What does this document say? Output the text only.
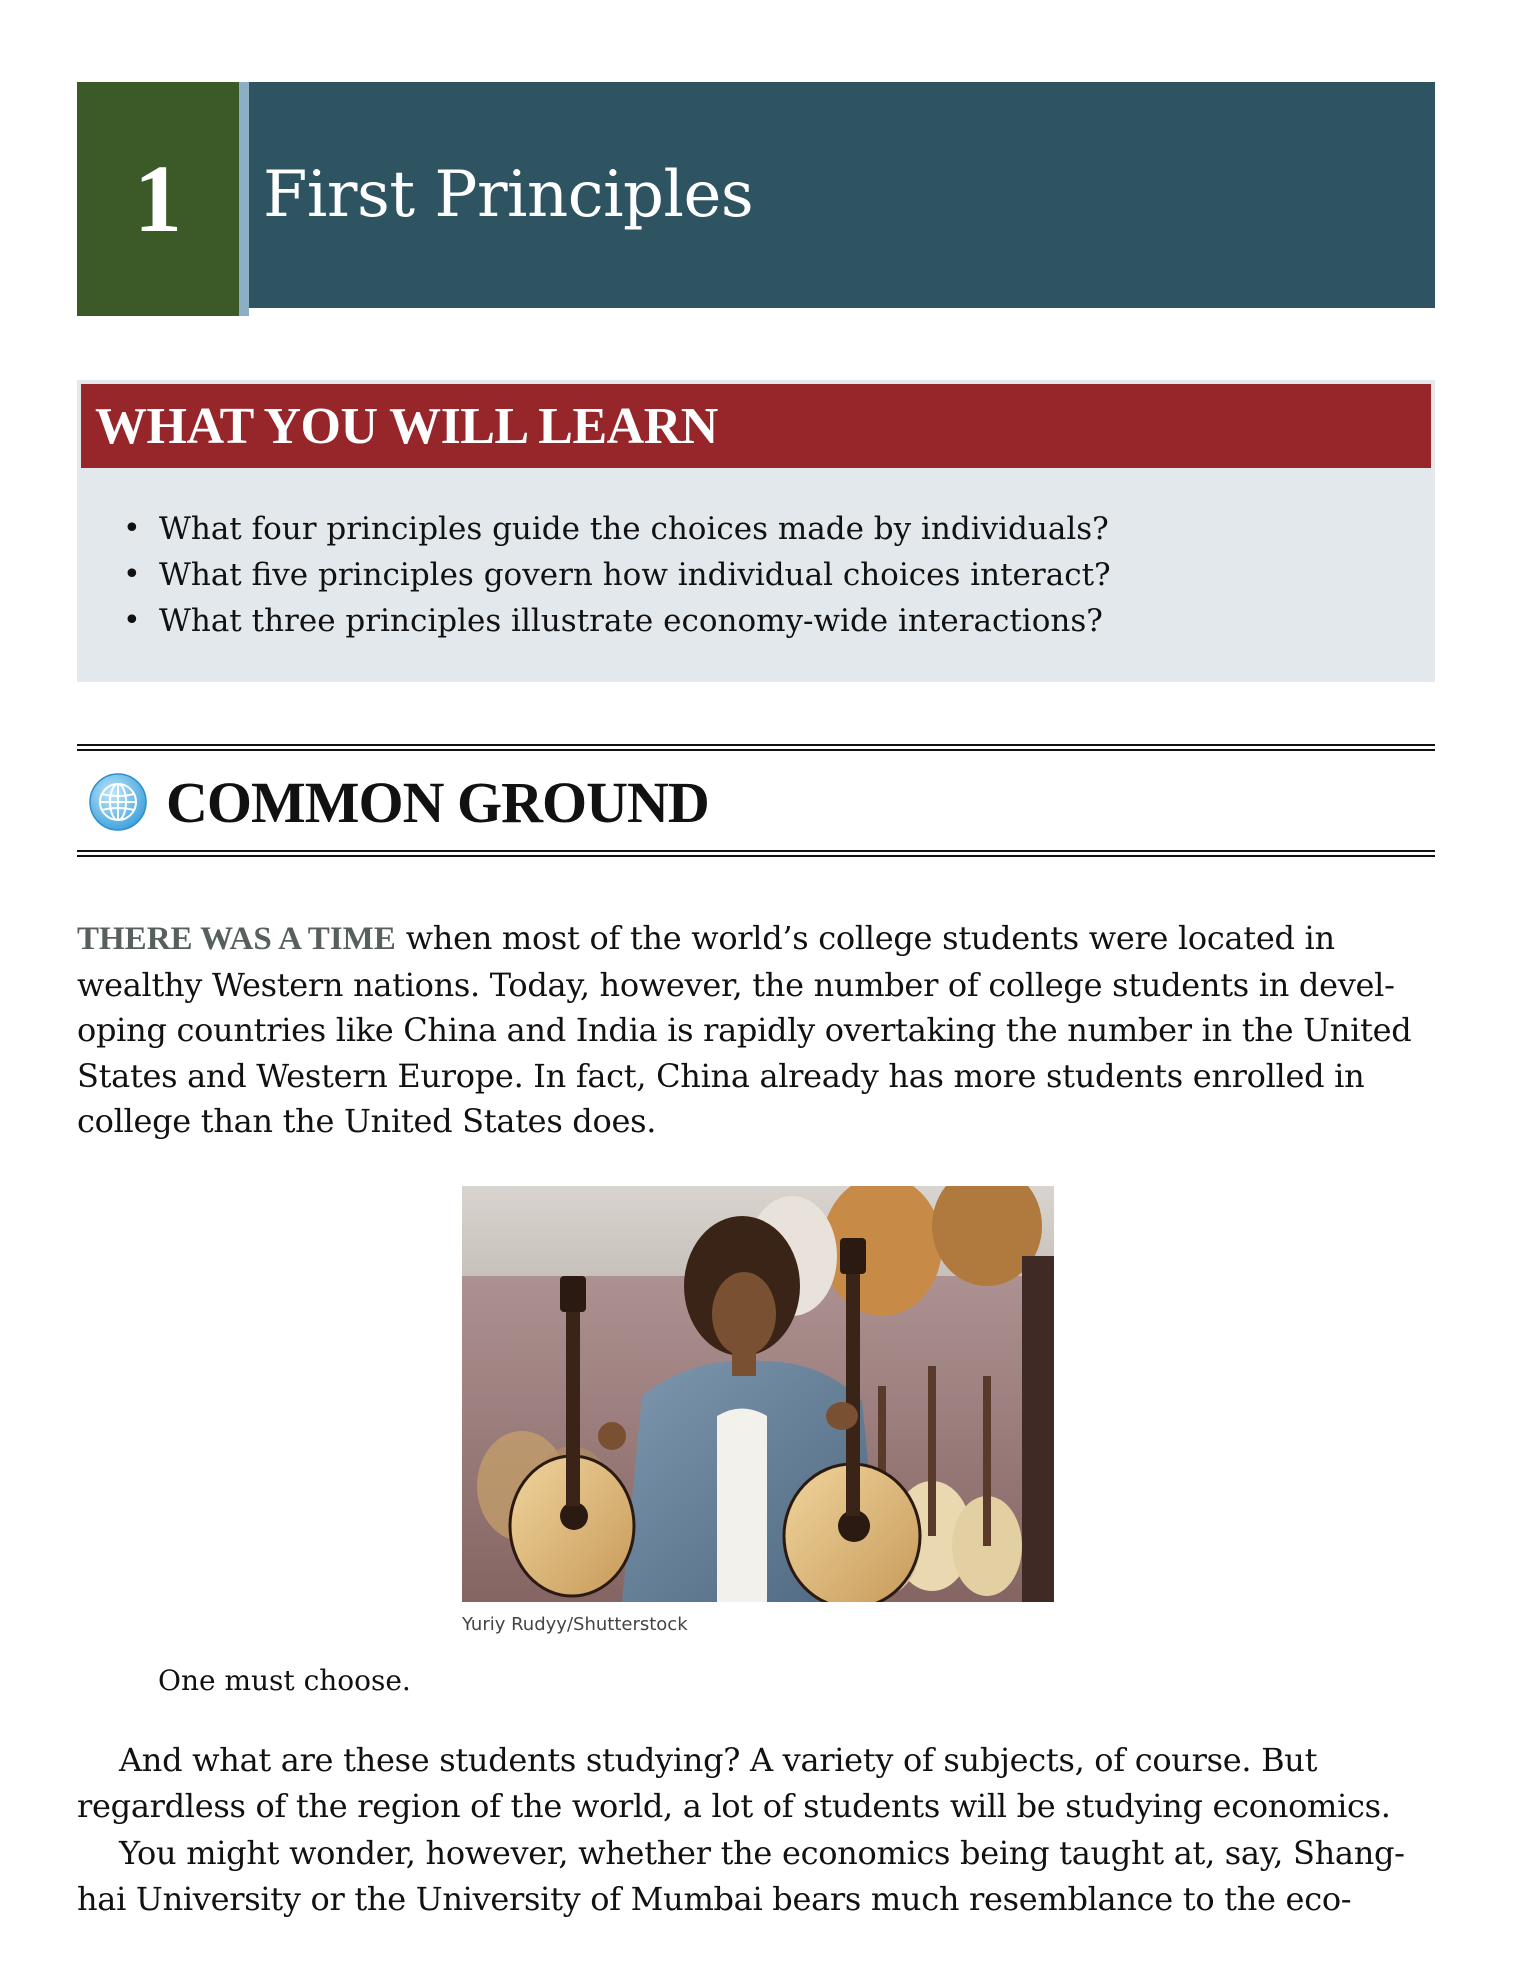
1 First Principles
WHAT YOU WILL LEARN
• What four principles guide the choices made by individuals?
• What five principles govern how individual choices interact?
• What three principles illustrate economy-wide interactions?
COMMON GROUND

THERE WAS A TIME when most of the world’s college students were located in wealthy Western nations. Today, however, the number of college students in devel-oping countries like China and India is rapidly overtaking the number in the United States and Western Europe. In fact, China already has more students enrolled in college than the United States does.

Yuriy Rudyy/Shutterstock
One must choose.

And what are these students studying? A variety of subjects, of course. But regardless of the region of the world, a lot of students will be studying economics.

You might wonder, however, whether the economics being taught at, say, Shang-hai University or the University of Mumbai bears much resemblance to the eco-
